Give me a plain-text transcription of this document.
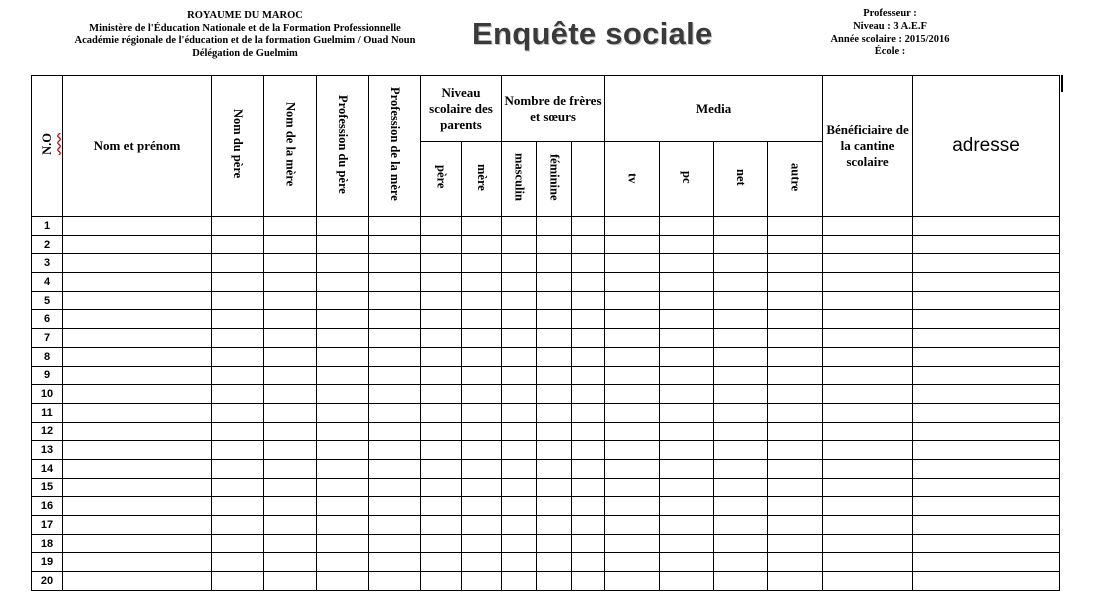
ROYAUME DU MAROC
Ministère de l'Éducation Nationale et de la Formation Professionnelle
Académie régionale de l'éducation et de la formation Guelmim / Ouad Noun
Délégation de Guelmim
Enquête sociale
Professeur :
Niveau : 3 A.E.F
Année scolaire : 2015/2016
École :
N.O	Nom et prénom	Nom du père	Nom de la mère	Profession du père	Profession de la mère	Niveau scolaire des parents		Nombre de frères et sœurs			Media				Bénéficiaire de la cantine scolaire	adresse
						père	mère	masculin	féminine		tv	pc	net	autre		
1																
2																
3																
4																
5																
6																
7																
8																
9																
10																
11																
12																
13																
14																
15																
16																
17																
18																
19																
20																
